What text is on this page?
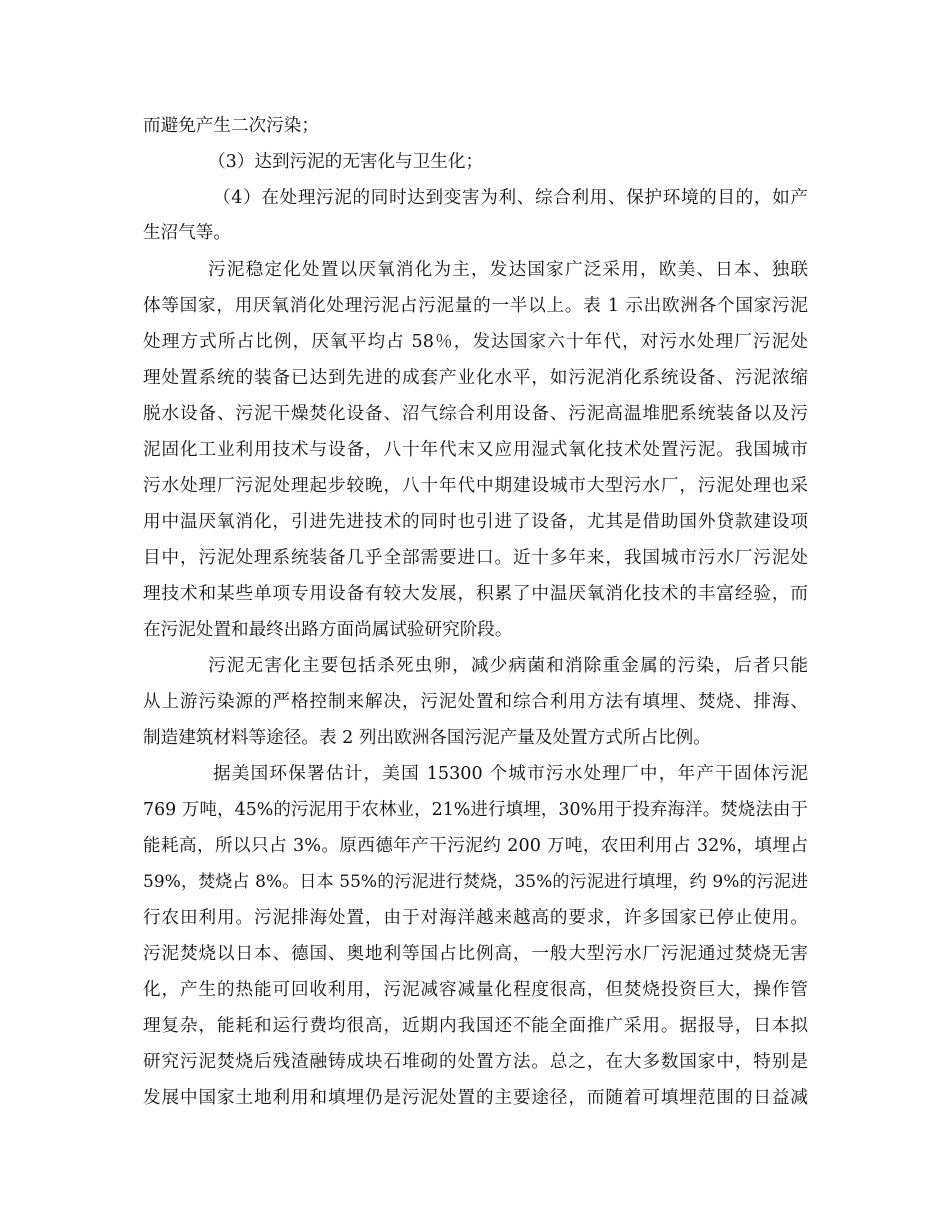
而避免产生二次污染；
（3）达到污泥的无害化与卫生化；
（4）在处理污泥的同时达到变害为利、综合利用、保护环境的目的，如产
生沼气等。
污泥稳定化处置以厌氧消化为主，发达国家广泛采用，欧美、日本、独联
体等国家，用厌氧消化处理污泥占污泥量的一半以上。表 1 示出欧洲各个国家污泥
处理方式所占比例，厌氧平均占 58％，发达国家六十年代，对污水处理厂污泥处
理处置系统的装备已达到先进的成套产业化水平，如污泥消化系统设备、污泥浓缩
脱水设备、污泥干燥焚化设备、沼气综合利用设备、污泥高温堆肥系统装备以及污
泥固化工业利用技术与设备，八十年代末又应用湿式氧化技术处置污泥。我国城市
污水处理厂污泥处理起步较晚，八十年代中期建设城市大型污水厂，污泥处理也采
用中温厌氧消化，引进先进技术的同时也引进了设备，尤其是借助国外贷款建设项
目中，污泥处理系统装备几乎全部需要进口。近十多年来，我国城市污水厂污泥处
理技术和某些单项专用设备有较大发展，积累了中温厌氧消化技术的丰富经验，而
在污泥处置和最终出路方面尚属试验研究阶段。
污泥无害化主要包括杀死虫卵，减少病菌和消除重金属的污染，后者只能
从上游污染源的严格控制来解决，污泥处置和综合利用方法有填埋、焚烧、排海、
制造建筑材料等途径。表 2 列出欧洲各国污泥产量及处置方式所占比例。
据美国环保署估计，美国 15300 个城市污水处理厂中，年产干固体污泥
769 万吨，45%的污泥用于农林业，21%进行填埋，30%用于投弃海洋。焚烧法由于
能耗高，所以只占 3%。原西德年产干污泥约 200 万吨，农田利用占 32%，填埋占
59%，焚烧占 8%。日本 55%的污泥进行焚烧，35%的污泥进行填埋，约 9%的污泥进
行农田利用。污泥排海处置，由于对海洋越来越高的要求，许多国家已停止使用。
污泥焚烧以日本、德国、奥地利等国占比例高，一般大型污水厂污泥通过焚烧无害
化，产生的热能可回收利用，污泥减容减量化程度很高，但焚烧投资巨大，操作管
理复杂，能耗和运行费均很高，近期内我国还不能全面推广采用。据报导，日本拟
研究污泥焚烧后残渣融铸成块石堆砌的处置方法。总之，在大多数国家中，特别是
发展中国家土地利用和填埋仍是污泥处置的主要途径，而随着可填埋范围的日益减
